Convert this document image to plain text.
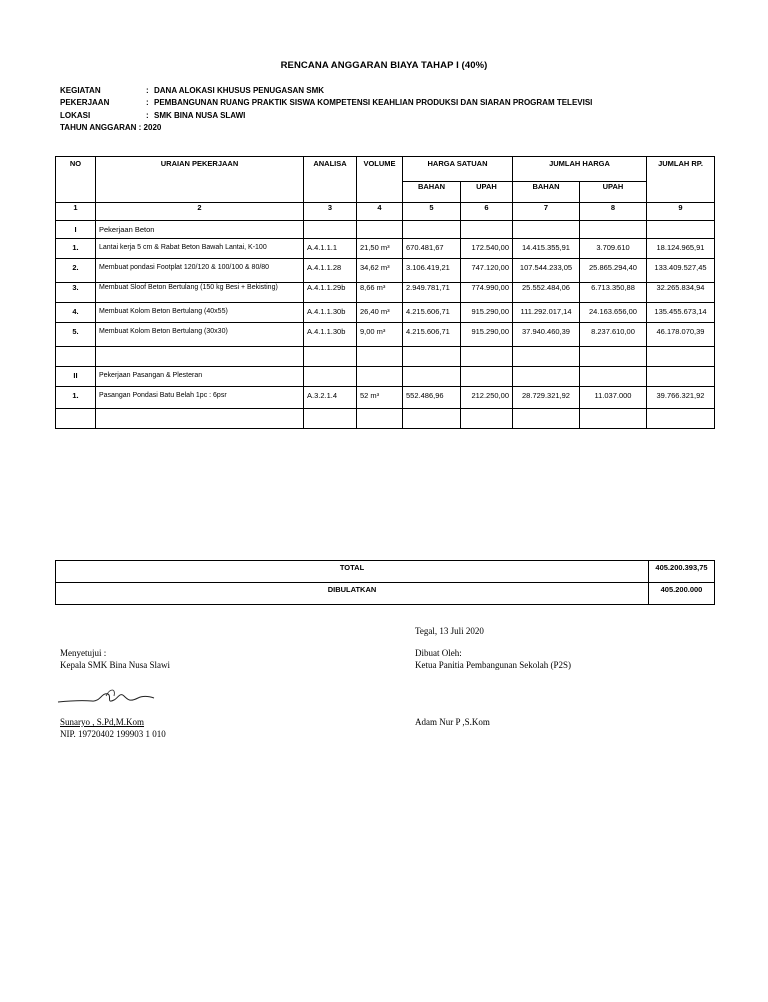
RENCANA ANGGARAN BIAYA TAHAP I (40%)
KEGIATAN	: DANA ALOKASI KHUSUS PENUGASAN SMK
PEKERJAAN	: PEMBANGUNAN RUANG PRAKTIK SISWA KOMPETENSI KEAHLIAN PRODUKSI DAN SIARAN PROGRAM TELEVISI
LOKASI	: SMK BINA NUSA SLAWI
TAHUN ANGGARAN : 2020
NO	URAIAN PEKERJAAN	ANALISA	VOLUME	HARGA SATUAN		JUMLAH HARGA		JUMLAH RP.
				BAHAN	UPAH	BAHAN	UPAH	
1	2	3	4	5	6	7	8	9
I	Pekerjaan Beton							
1.	Lantai kerja 5 cm & Rabat Beton Bawah Lantai, K-100	A.4.1.1.1	21,50 m³	670.481,67	172.540,00	14.415.355,91	3.709.610	18.124.965,91
2.	Membuat pondasi Footplat 120/120 & 100/100 & 80/80	A.4.1.1.28	34,62 m³	3.106.419,21	747.120,00	107.544.233,05	25.865.294,40	133.409.527,45
3.	Membuat Sloof Beton Bertulang (150 kg Besi + Bekisting)	A.4.1.1.29b	8,66 m³	2.949.781,71	774.990,00	25.552.484,06	6.713.350,88	32.265.834,94
4.	Membuat Kolom Beton Bertulang (40x55)	A.4.1.1.30b	26,40 m³	4.215.606,71	915.290,00	111.292.017,14	24.163.656,00	135.455.673,14
5.	Membuat Kolom Beton Bertulang (30x30)	A.4.1.1.30b	9,00 m³	4.215.606,71	915.290,00	37.940.460,39	8.237.610,00	46.178.070,39

II	Pekerjaan Pasangan & Plesteran							
1.	Pasangan Pondasi Batu Belah 1pc : 6psr	A.3.2.1.4	52 m³	552.486,96	212.250,00	28.729.321,92	11.037.000	39.766.321,92

TOTAL	405.200.393,75
DIBULATKAN	405.200.000
Tegal, 13 Juli 2020
Menyetujui :
Kepala SMK Bina Nusa Slawi
Dibuat Oleh:
Ketua Panitia Pembangunan Sekolah (P2S)
Sunaryo , S.Pd,M.Kom
NIP. 19720402 199903 1 010
Adam Nur P ,S.Kom
